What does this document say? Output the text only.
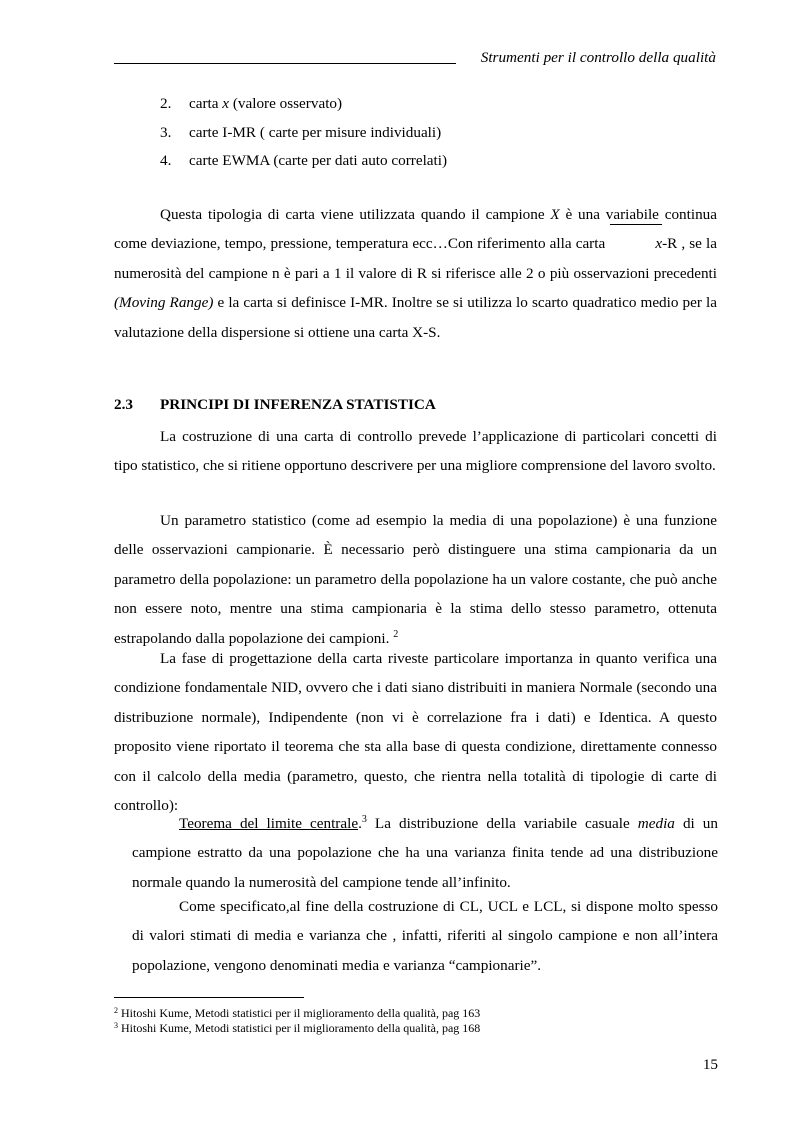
Strumenti per il controllo della qualità
2. carta x (valore osservato)
3. carte I-MR ( carte per misure individuali)
4. carte EWMA (carte per dati auto correlati)

Questa tipologia di carta viene utilizzata quando il campione X è una variabile continua come deviazione, tempo, pressione, temperatura ecc…Con riferimento alla carta	x-R , se la numerosità del campione n è pari a 1 il valore di R si riferisce alle 2 o più osservazioni precedenti (Moving Range) e la carta si definisce I-MR. Inoltre se si utilizza lo scarto quadratico medio per la valutazione della dispersione si ottiene una carta X-S.

2.3 PRINCIPI DI INFERENZA STATISTICA

La costruzione di una carta di controllo prevede l’applicazione di particolari concetti di tipo statistico, che si ritiene opportuno descrivere per una migliore comprensione del lavoro svolto.

Un parametro statistico (come ad esempio la media di una popolazione) è una funzione delle osservazioni campionarie. È necessario però distinguere una stima campionaria da un parametro della popolazione: un parametro della popolazione ha un valore costante, che può anche non essere noto, mentre una stima campionaria è la stima dello stesso parametro, ottenuta estrapolando dalla popolazione dei campioni. $^2$

La fase di progettazione della carta riveste particolare importanza in quanto verifica una condizione fondamentale NID, ovvero che i dati siano distribuiti in maniera Normale (secondo una distribuzione normale), Indipendente (non vi è correlazione fra i dati) e Identica. A questo proposito viene riportato il teorema che sta alla base di questa condizione, direttamente connesso con il calcolo della media (parametro, questo, che rientra nella totalità di tipologie di carte di controllo):

Teorema del limite centrale.$^3$ La distribuzione della variabile casuale media di un campione estratto da una popolazione che ha una varianza finita tende ad una distribuzione normale quando la numerosità del campione tende all’infinito.

Come specificato,al fine della costruzione di CL, UCL e LCL, si dispone molto spesso di valori stimati di media e varianza che , infatti, riferiti al singolo campione e non all’intera popolazione, vengono denominati media e varianza “campionarie”.

$^2$ Hitoshi Kume, Metodi statistici per il miglioramento della qualità, pag 163
$^3$ Hitoshi Kume, Metodi statistici per il miglioramento della qualità, pag 168
15
